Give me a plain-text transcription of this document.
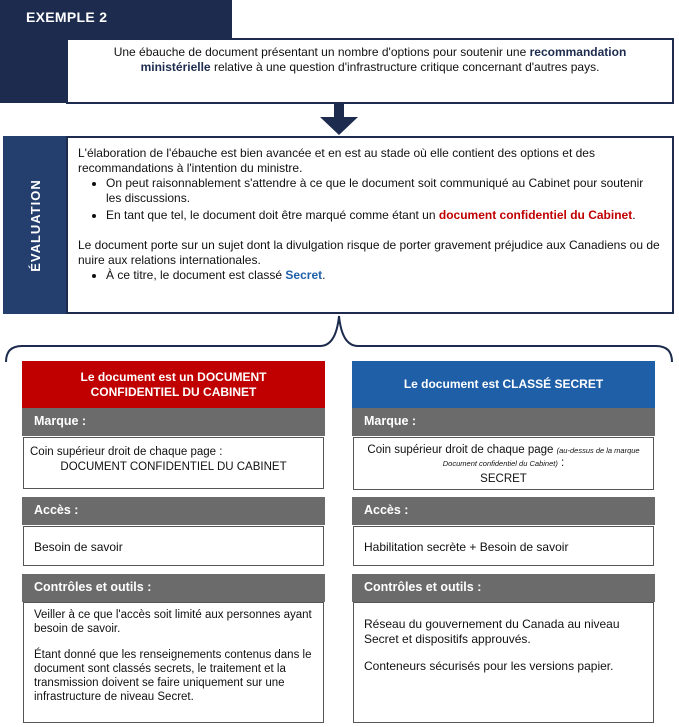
EXEMPLE 2
Une ébauche de document présentant un nombre d'options pour soutenir une recommandation ministérielle relative à une question d'infrastructure critique concernant d'autres pays.
ÉVALUATION

L'élaboration de l'ébauche est bien avancée et en est au stade où elle contient des options et des recommandations à l'intention du ministre.

• On peut raisonnablement s'attendre à ce que le document soit communiqué au Cabinet pour soutenir les discussions.
• En tant que tel, le document doit être marqué comme étant un document confidentiel du Cabinet.

Le document porte sur un sujet dont la divulgation risque de porter gravement préjudice aux Canadiens ou de nuire aux relations internationales.

• À ce titre, le document est classé Secret.
Le document est un DOCUMENT CONFIDENTIEL DU CABINET
Marque :

Coin supérieur droit de chaque page :

DOCUMENT CONFIDENTIEL DU CABINET

Accès :
Besoin de savoir
Contrôles et outils :

Veiller à ce que l'accès soit limité aux personnes ayant besoin de savoir.

Étant donné que les renseignements contenus dans le document sont classés secrets, le traitement et la transmission doivent se faire uniquement sur une infrastructure de niveau Secret.

Le document est CLASSÉ SECRET
Marque :

Coin supérieur droit de chaque page (au-dessus de la marque Document confidentiel du Cabinet) :

SECRET

Accès :
Habilitation secrète + Besoin de savoir
Contrôles et outils :

Réseau du gouvernement du Canada au niveau Secret et dispositifs approuvés.

Conteneurs sécurisés pour les versions papier.
